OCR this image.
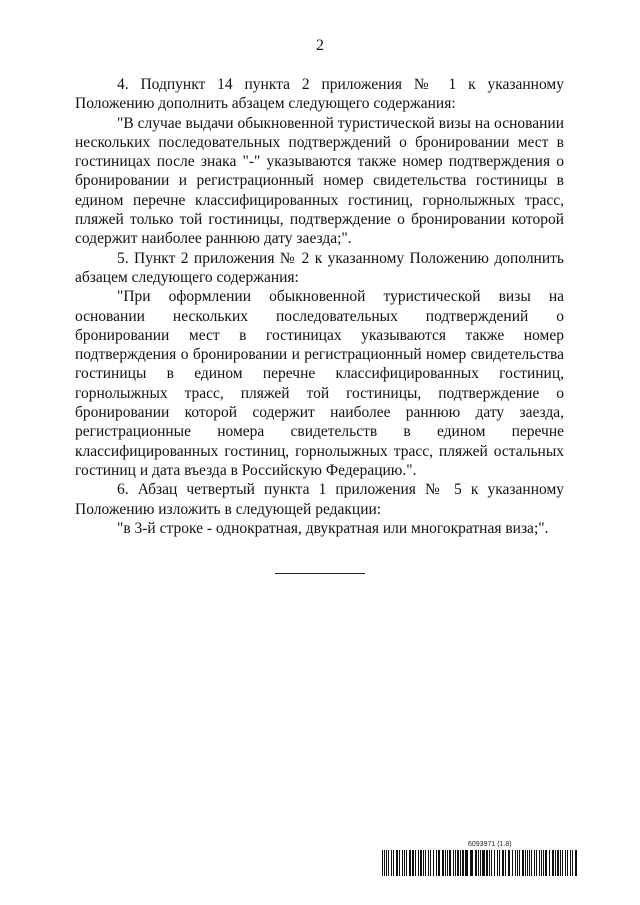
2

4. Подпункт 14 пункта 2 приложения № 1 к указанному Положению дополнить абзацем следующего содержания:

"В случае выдачи обыкновенной туристической визы на основании нескольких последовательных подтверждений о бронировании мест в гостиницах после знака "-" указываются также номер подтверждения о бронировании и регистрационный номер свидетельства гостиницы в едином перечне классифицированных гостиниц, горнолыжных трасс, пляжей только той гостиницы, подтверждение о бронировании которой содержит наиболее раннюю дату заезда;".

5. Пункт 2 приложения № 2 к указанному Положению дополнить абзацем следующего содержания:

"При оформлении обыкновенной туристической визы на основании нескольких последовательных подтверждений о бронировании мест в гостиницах указываются также номер подтверждения о бронировании и регистрационный номер свидетельства гостиницы в едином перечне классифицированных гостиниц, горнолыжных трасс, пляжей той гостиницы, подтверждение о бронировании которой содержит наиболее раннюю дату заезда, регистрационные номера свидетельств в едином перечне классифицированных гостиниц, горнолыжных трасс, пляжей остальных гостиниц и дата въезда в Российскую Федерацию.".

6. Абзац четвертый пункта 1 приложения № 5 к указанному Положению изложить в следующей редакции:

"в 3-й строке - однократная, двукратная или многократная виза;".

6093971 (1.8)
